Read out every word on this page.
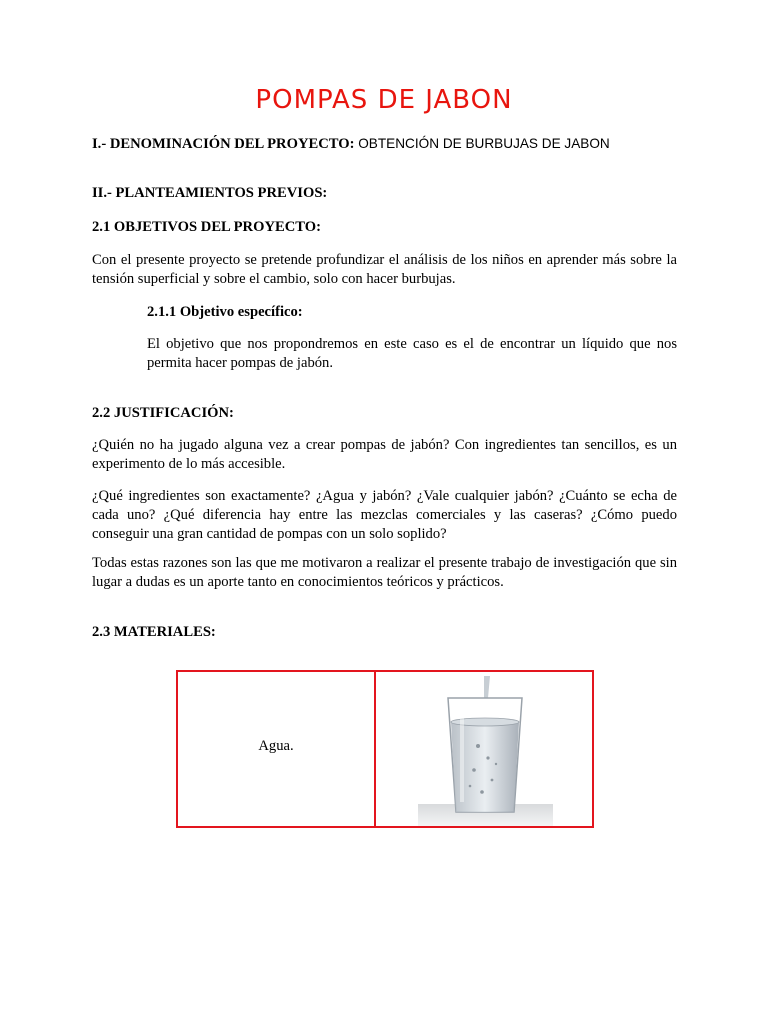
POMPAS DE JABON
I.- DENOMINACIÓN DEL PROYECTO: OBTENCIÓN DE BURBUJAS DE JABON
II.- PLANTEAMIENTOS PREVIOS:
2.1 OBJETIVOS DEL PROYECTO:
Con el presente proyecto se pretende profundizar el análisis de los niños en aprender más sobre la tensión superficial y sobre el cambio, solo con hacer burbujas.
2.1.1 Objetivo específico:
El objetivo que nos propondremos en este caso es el de encontrar un líquido que nos permita hacer pompas de jabón.
2.2 JUSTIFICACIÓN:
¿Quién no ha jugado alguna vez a crear pompas de jabón? Con ingredientes tan sencillos, es un experimento de lo más accesible.
¿Qué ingredientes son exactamente? ¿Agua y jabón? ¿Vale cualquier jabón? ¿Cuánto se echa de cada uno? ¿Qué diferencia hay entre las mezclas comerciales y las caseras? ¿Cómo puedo conseguir una gran cantidad de pompas con un solo soplido?
Todas estas razones son las que me motivaron a realizar el presente trabajo de investigación que sin lugar a dudas es un aporte tanto en conocimientos teóricos y prácticos.
2.3 MATERIALES:
Agua.
